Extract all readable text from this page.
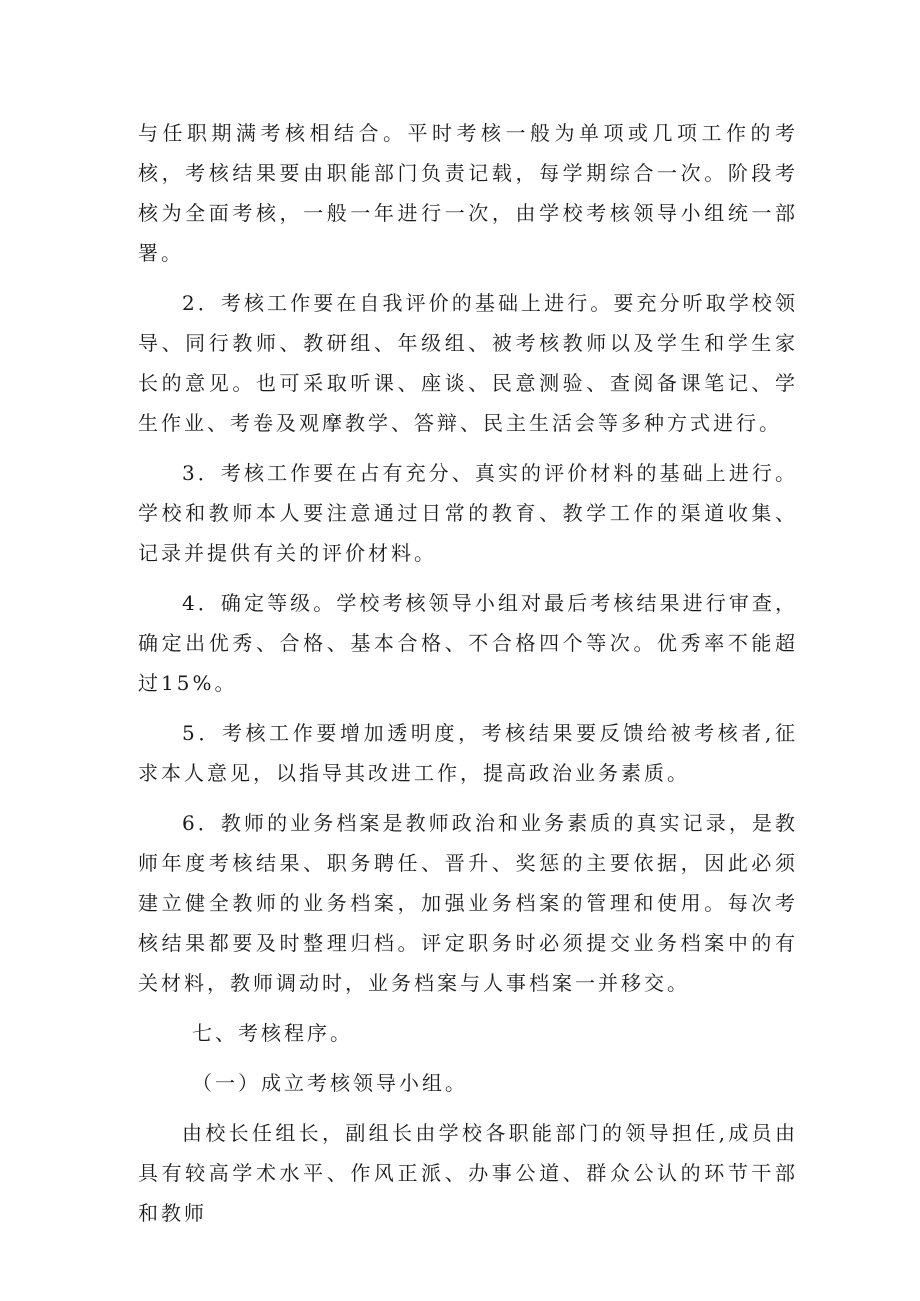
与任职期满考核相结合。平时考核一般为单项或几项工作的考核，考核结果要由职能部门负责记载，每学期综合一次。阶段考核为全面考核，一般一年进行一次，由学校考核领导小组统一部署。

2．考核工作要在自我评价的基础上进行。要充分听取学校领导、同行教师、教研组、年级组、被考核教师以及学生和学生家长的意见。也可采取听课、座谈、民意测验、查阅备课笔记、学生作业、考卷及观摩教学、答辩、民主生活会等多种方式进行。

3．考核工作要在占有充分、真实的评价材料的基础上进行。学校和教师本人要注意通过日常的教育、教学工作的渠道收集、记录并提供有关的评价材料。

4．确定等级。学校考核领导小组对最后考核结果进行审查，确定出优秀、合格、基本合格、不合格四个等次。优秀率不能超过15%。

5．考核工作要增加透明度，考核结果要反馈给被考核者,征求本人意见，以指导其改进工作，提高政治业务素质。

6．教师的业务档案是教师政治和业务素质的真实记录，是教师年度考核结果、职务聘任、晋升、奖惩的主要依据，因此必须建立健全教师的业务档案，加强业务档案的管理和使用。每次考核结果都要及时整理归档。评定职务时必须提交业务档案中的有关材料，教师调动时，业务档案与人事档案一并移交。

七、考核程序。

（一）成立考核领导小组。

由校长任组长，副组长由学校各职能部门的领导担任,成员由具有较高学术水平、作风正派、办事公道、群众公认的环节干部和教师
